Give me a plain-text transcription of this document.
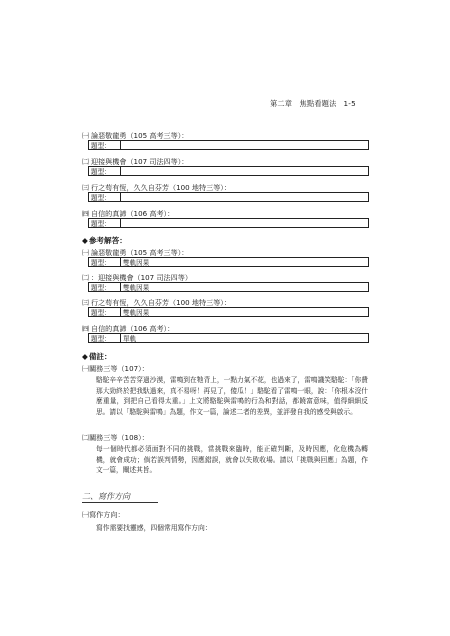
第二章　焦點看題法 1-5
㈠ 論惡敬龍勇（105 高考三等）：
題型：
㈡ 迎接與機會（107 司法四等）：
題型：
㈢ 行之苟有恆，久久自芬芳（100 地特三等）：
題型：
㈣ 自信的真諦（106 高考）：
題型：
◆參考解答：
㈠ 論惡敬龍勇（105 高考三等）：
題型： 雙軌因果
㈡ ：迎接與機會（107 司法四等）
題型： 雙軌因果
㈢ 行之苟有恆，久久自芬芳（100 地特三等）：
題型： 雙軌因果
㈣ 自信的真諦（106 高考）：
題型： 單軌
◆備註：
㈠關務三等（107）：
駱駝辛辛苦苦穿過沙漠，雷鳴到在牠背上，一點力氣不花，也過來了，雷鳴譏笑駱駝：「你費那大勁終於把我馱過來，真不易呀！再見了，傻瓜！」駱駝看了雷鳴一眼，說：「你根本沒什麼重量，到把自己看得太重。」上文將駱駝與雷鳴的行為和對話，都饒富意味，值得細細反思。請以「駱駝與雷鳴」為題，作文一篇，論述二者的差異，並評發自我的感受與啟示。
㈡關務三等（108）：
每一個時代都必須面對不同的挑戰，當挑戰來臨時，能正確判斷，及時因應，化危機為轉機，就會成功；倘若誤判情勢，因應錯誤，就會以失敗收場。請以「挑戰與回應」為題，作文一篇，闡述其旨。
二、寫作方向
㈠寫作方向：
寫作需要找靈感，四個常用寫作方向：
